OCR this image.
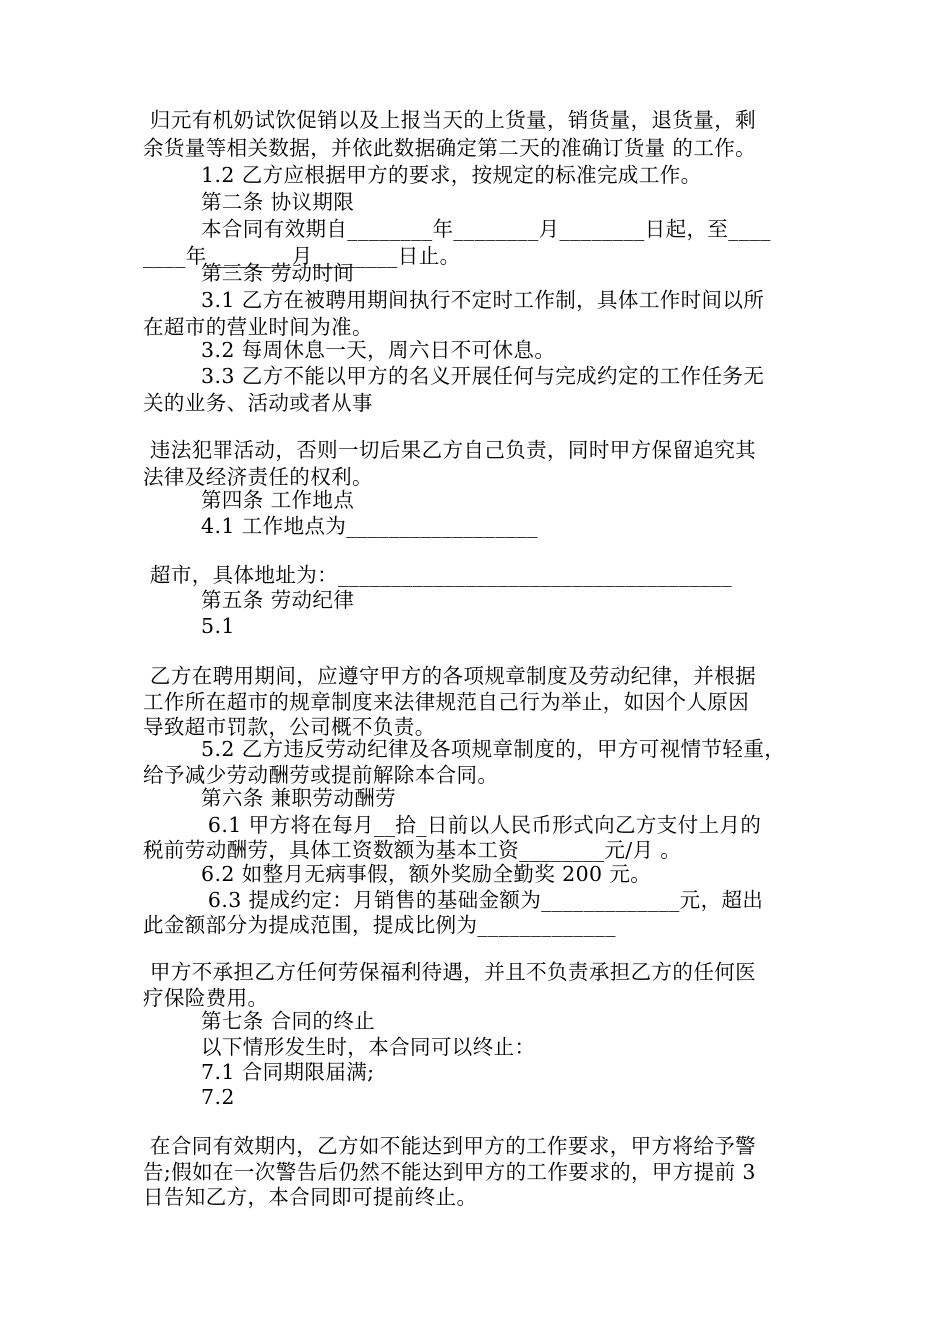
归元有机奶试饮促销以及上报当天的上货量，销货量，退货量，剩
余货量等相关数据，并依此数据确定第二天的准确订货量 的工作。
1.2 乙方应根据甲方的要求，按规定的标准完成工作。
第二条 协议期限
本合同有效期自________年________月________日起，至____
____年________月________日止。
第三条 劳动时间
3.1 乙方在被聘用期间执行不定时工作制，具体工作时间以所
在超市的营业时间为准。
3.2 每周休息一天，周六日不可休息。
3.3 乙方不能以甲方的名义开展任何与完成约定的工作任务无
关的业务、活动或者从事
违法犯罪活动，否则一切后果乙方自己负责，同时甲方保留追究其
法律及经济责任的权利。
第四条 工作地点
4.1 工作地点为__________________
超市，具体地址为：_____________________________________
第五条 劳动纪律
5.1
乙方在聘用期间，应遵守甲方的各项规章制度及劳动纪律，并根据
工作所在超市的规章制度来法律规范自己行为举止，如因个人原因
导致超市罚款，公司概不负责。
5.2 乙方违反劳动纪律及各项规章制度的，甲方可视情节轻重，
给予减少劳动酬劳或提前解除本合同。
第六条 兼职劳动酬劳
6.1 甲方将在每月__拾_日前以人民币形式向乙方支付上月的
税前劳动酬劳，具体工资数额为基本工资________元/月 。
6.2 如整月无病事假，额外奖励全勤奖 200 元。
6.3 提成约定：月销售的基础金额为_____________元，超出
此金额部分为提成范围，提成比例为_____________
甲方不承担乙方任何劳保福利待遇，并且不负责承担乙方的任何医
疗保险费用。
第七条 合同的终止
以下情形发生时，本合同可以终止：
7.1 合同期限届满;
7.2
在合同有效期内，乙方如不能达到甲方的工作要求，甲方将给予警
告;假如在一次警告后仍然不能达到甲方的工作要求的，甲方提前 3
日告知乙方，本合同即可提前终止。
